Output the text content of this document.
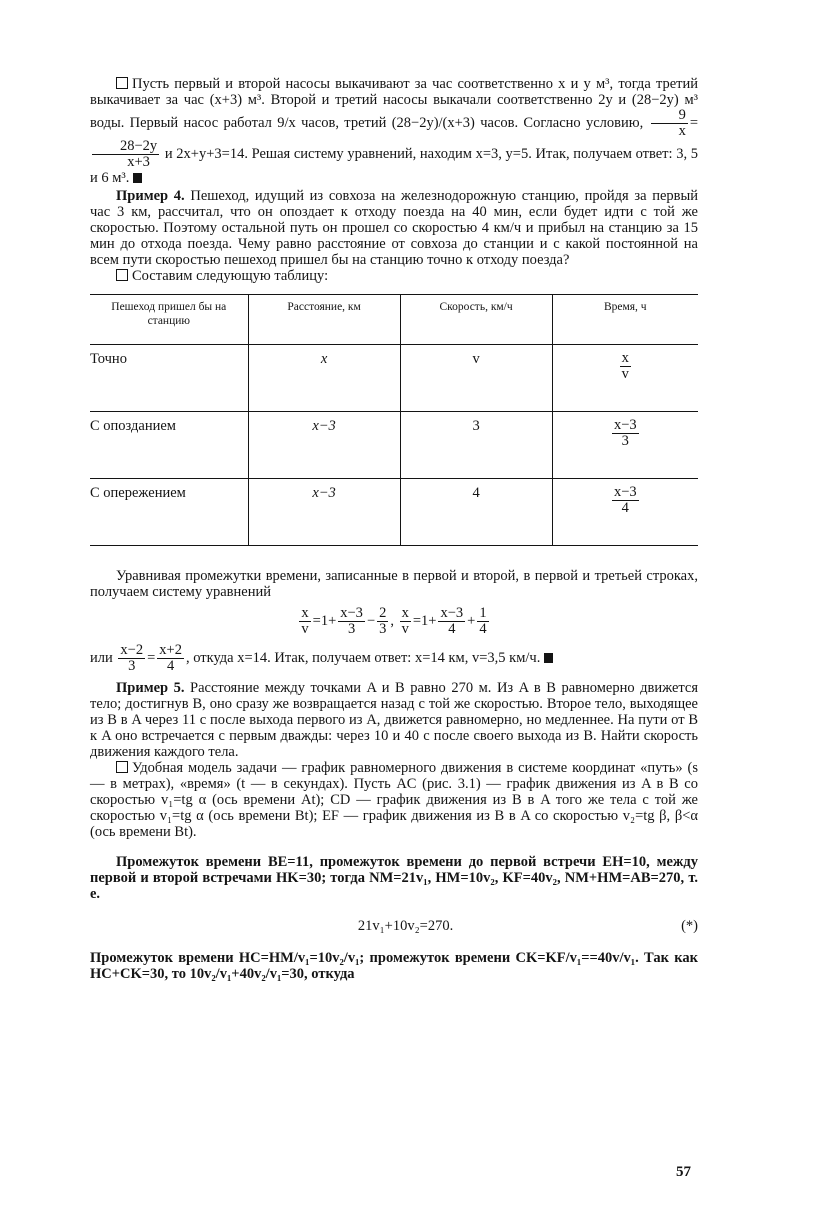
Пусть первый и второй насосы выкачивают за час соответственно x и y м³, тогда третий выкачивает за час (x+3) м³. Второй и третий насосы выкачали соответственно 2y и (28−2y) м³ воды. Первый насос работал 9/x часов, третий (28−2y)/(x+3) часов. Согласно условию, $\frac{9}{x}$ =
$\frac{28-2y}{x+3}$ и 2x+y+3=14. Решая систему уравнений, находим x=3, y=5. Итак, получаем ответ: 3, 5 и 6 м³.

Пример 4. Пешеход, идущий из совхоза на железнодорожную станцию, пройдя за первый час 3 км, рассчитал, что он опоздает к отходу поезда на 40 мин, если будет идти с той же скоростью. Поэтому остальной путь он прошел со скоростью 4 км/ч и прибыл на станцию за 15 мин до отхода поезда. Чему равно расстояние от совхоза до станции и с какой постоянной на всем пути скоростью пешеход пришел бы на станцию точно к отходу поезда?

Составим следующую таблицу:

Пешеход пришел бы на станцию	Расстояние, км	Скорость, км/ч	Время, ч
Точно	x	v	$\frac{x}{v}$

С опозданием	x−3	3	$\frac{x-3}{3}$

С опережением	x−3	4	$\frac{x-3}{4}$

Уравнивая промежутки времени, записанные в первой и второй, в первой и третьей строках, получаем систему уравнений

$\frac{x}{v} =1+ \frac{x-3}{3} - \frac{2}{3}$ , $\frac{x}{v} =1+ \frac{x-3}{4} + \frac{1}{4}$

или $\frac{x-2}{3} = \frac{x+2}{4}$ , откуда x=14. Итак, получаем ответ: x=14 км, v=3,5 км/ч.

Пример 5. Расстояние между точками A и B равно 270 м. Из A в B равномерно движется тело; достигнув B, оно сразу же возвращается назад с той же скоростью. Второе тело, выходящее из B в A через 11 с после выхода первого из A, движется равномерно, но медленнее. На пути от B к A оно встречается с первым дважды: через 10 и 40 с после своего выхода из B. Найти скорость движения каждого тела.

Удобная модель задачи — график равномерного движения в системе координат «путь» (s — в метрах), «время» (t — в секундах). Пусть AC (рис. 3.1) — график движения из A в B со скоростью v₁=tg α (ось времени At); CD — график движения из B в A того же тела с той же скоростью v₁=tg α (ось времени Bt); EF — график движения из B в A со скоростью v₂=tg β, β<α (ось времени Bt).

Промежуток времени BE=11, промежуток времени до первой встречи EH=10, между первой и второй встречами HK=30; тогда NM=21v₁, HM=10v₂, KF=40v₂, NM+HM=AB=270, т. е.

21v₁+10v₂=270.	(*)

Промежуток времени HC=HM/v₁=10v₂/v₁; промежуток времени CK=KF/v₁==40v/v₁. Так как HC+CK=30, то 10v₂/v₁+40v₂/v₁=30, откуда

57
